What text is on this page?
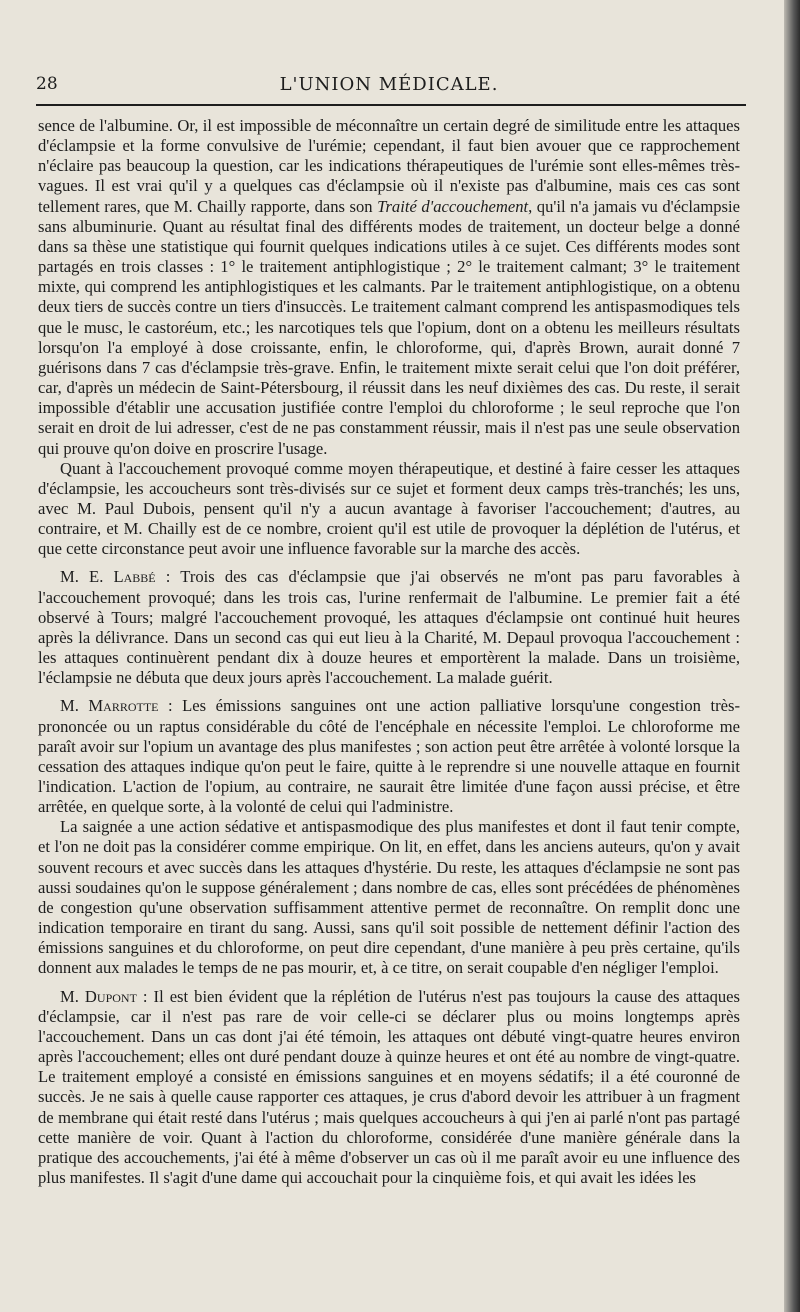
28	L'UNION MÉDICALE.

sence de l'albumine. Or, il est impossible de méconnaître un certain degré de similitude entre les attaques d'éclampsie et la forme convulsive de l'urémie; cependant, il faut bien avouer que ce rapprochement n'éclaire pas beaucoup la question, car les indications thérapeutiques de l'urémie sont elles-mêmes très-vagues. Il est vrai qu'il y a quelques cas d'éclampsie où il n'existe pas d'albumine, mais ces cas sont tellement rares, que M. Chailly rapporte, dans son Traité d'accouchement, qu'il n'a jamais vu d'éclampsie sans albuminurie. Quant au résultat final des différents modes de traitement, un docteur belge a donné dans sa thèse une statistique qui fournit quelques indications utiles à ce sujet. Ces différents modes sont partagés en trois classes : 1° le traitement antiphlogistique ; 2° le traitement calmant; 3° le traitement mixte, qui comprend les antiphlogistiques et les calmants. Par le traitement antiphlogistique, on a obtenu deux tiers de succès contre un tiers d'insuccès. Le traitement calmant comprend les antispasmodiques tels que le musc, le castoréum, etc.; les narcotiques tels que l'opium, dont on a obtenu les meilleurs résultats lorsqu'on l'a employé à dose croissante, enfin, le chloroforme, qui, d'après Brown, aurait donné 7 guérisons dans 7 cas d'éclampsie très-grave. Enfin, le traitement mixte serait celui que l'on doit préférer, car, d'après un médecin de Saint-Pétersbourg, il réussit dans les neuf dixièmes des cas. Du reste, il serait impossible d'établir une accusation justifiée contre l'emploi du chloroforme ; le seul reproche que l'on serait en droit de lui adresser, c'est de ne pas constamment réussir, mais il n'est pas une seule observation qui prouve qu'on doive en proscrire l'usage.

Quant à l'accouchement provoqué comme moyen thérapeutique, et destiné à faire cesser les attaques d'éclampsie, les accoucheurs sont très-divisés sur ce sujet et forment deux camps très-tranchés; les uns, avec M. Paul Dubois, pensent qu'il n'y a aucun avantage à favoriser l'accouchement; d'autres, au contraire, et M. Chailly est de ce nombre, croient qu'il est utile de provoquer la déplétion de l'utérus, et que cette circonstance peut avoir une influence favorable sur la marche des accès.

M. E. Labbé : Trois des cas d'éclampsie que j'ai observés ne m'ont pas paru favorables à l'accouchement provoqué; dans les trois cas, l'urine renfermait de l'albumine. Le premier fait a été observé à Tours; malgré l'accouchement provoqué, les attaques d'éclampsie ont continué huit heures après la délivrance. Dans un second cas qui eut lieu à la Charité, M. Depaul provoqua l'accouchement : les attaques continuèrent pendant dix à douze heures et emportèrent la malade. Dans un troisième, l'éclampsie ne débuta que deux jours après l'accouchement. La malade guérit.

M. Marrotte : Les émissions sanguines ont une action palliative lorsqu'une congestion très-prononcée ou un raptus considérable du côté de l'encéphale en nécessite l'emploi. Le chloroforme me paraît avoir sur l'opium un avantage des plus manifestes ; son action peut être arrêtée à volonté lorsque la cessation des attaques indique qu'on peut le faire, quitte à le reprendre si une nouvelle attaque en fournit l'indication. L'action de l'opium, au contraire, ne saurait être limitée d'une façon aussi précise, et être arrêtée, en quelque sorte, à la volonté de celui qui l'administre.

La saignée a une action sédative et antispasmodique des plus manifestes et dont il faut tenir compte, et l'on ne doit pas la considérer comme empirique. On lit, en effet, dans les anciens auteurs, qu'on y avait souvent recours et avec succès dans les attaques d'hystérie. Du reste, les attaques d'éclampsie ne sont pas aussi soudaines qu'on le suppose généralement ; dans nombre de cas, elles sont précédées de phénomènes de congestion qu'une observation suffisamment attentive permet de reconnaître. On remplit donc une indication temporaire en tirant du sang. Aussi, sans qu'il soit possible de nettement définir l'action des émissions sanguines et du chloroforme, on peut dire cependant, d'une manière à peu près certaine, qu'ils donnent aux malades le temps de ne pas mourir, et, à ce titre, on serait coupable d'en négliger l'emploi.

M. Dupont : Il est bien évident que la réplétion de l'utérus n'est pas toujours la cause des attaques d'éclampsie, car il n'est pas rare de voir celle-ci se déclarer plus ou moins longtemps après l'accouchement. Dans un cas dont j'ai été témoin, les attaques ont débuté vingt-quatre heures environ après l'accouchement; elles ont duré pendant douze à quinze heures et ont été au nombre de vingt-quatre. Le traitement employé a consisté en émissions sanguines et en moyens sédatifs; il a été couronné de succès. Je ne sais à quelle cause rapporter ces attaques, je crus d'abord devoir les attribuer à un fragment de membrane qui était resté dans l'utérus ; mais quelques accoucheurs à qui j'en ai parlé n'ont pas partagé cette manière de voir. Quant à l'action du chloroforme, considérée d'une manière générale dans la pratique des accouchements, j'ai été à même d'observer un cas où il me paraît avoir eu une influence des plus manifestes. Il s'agit d'une dame qui accouchait pour la cinquième fois, et qui avait les idées les
